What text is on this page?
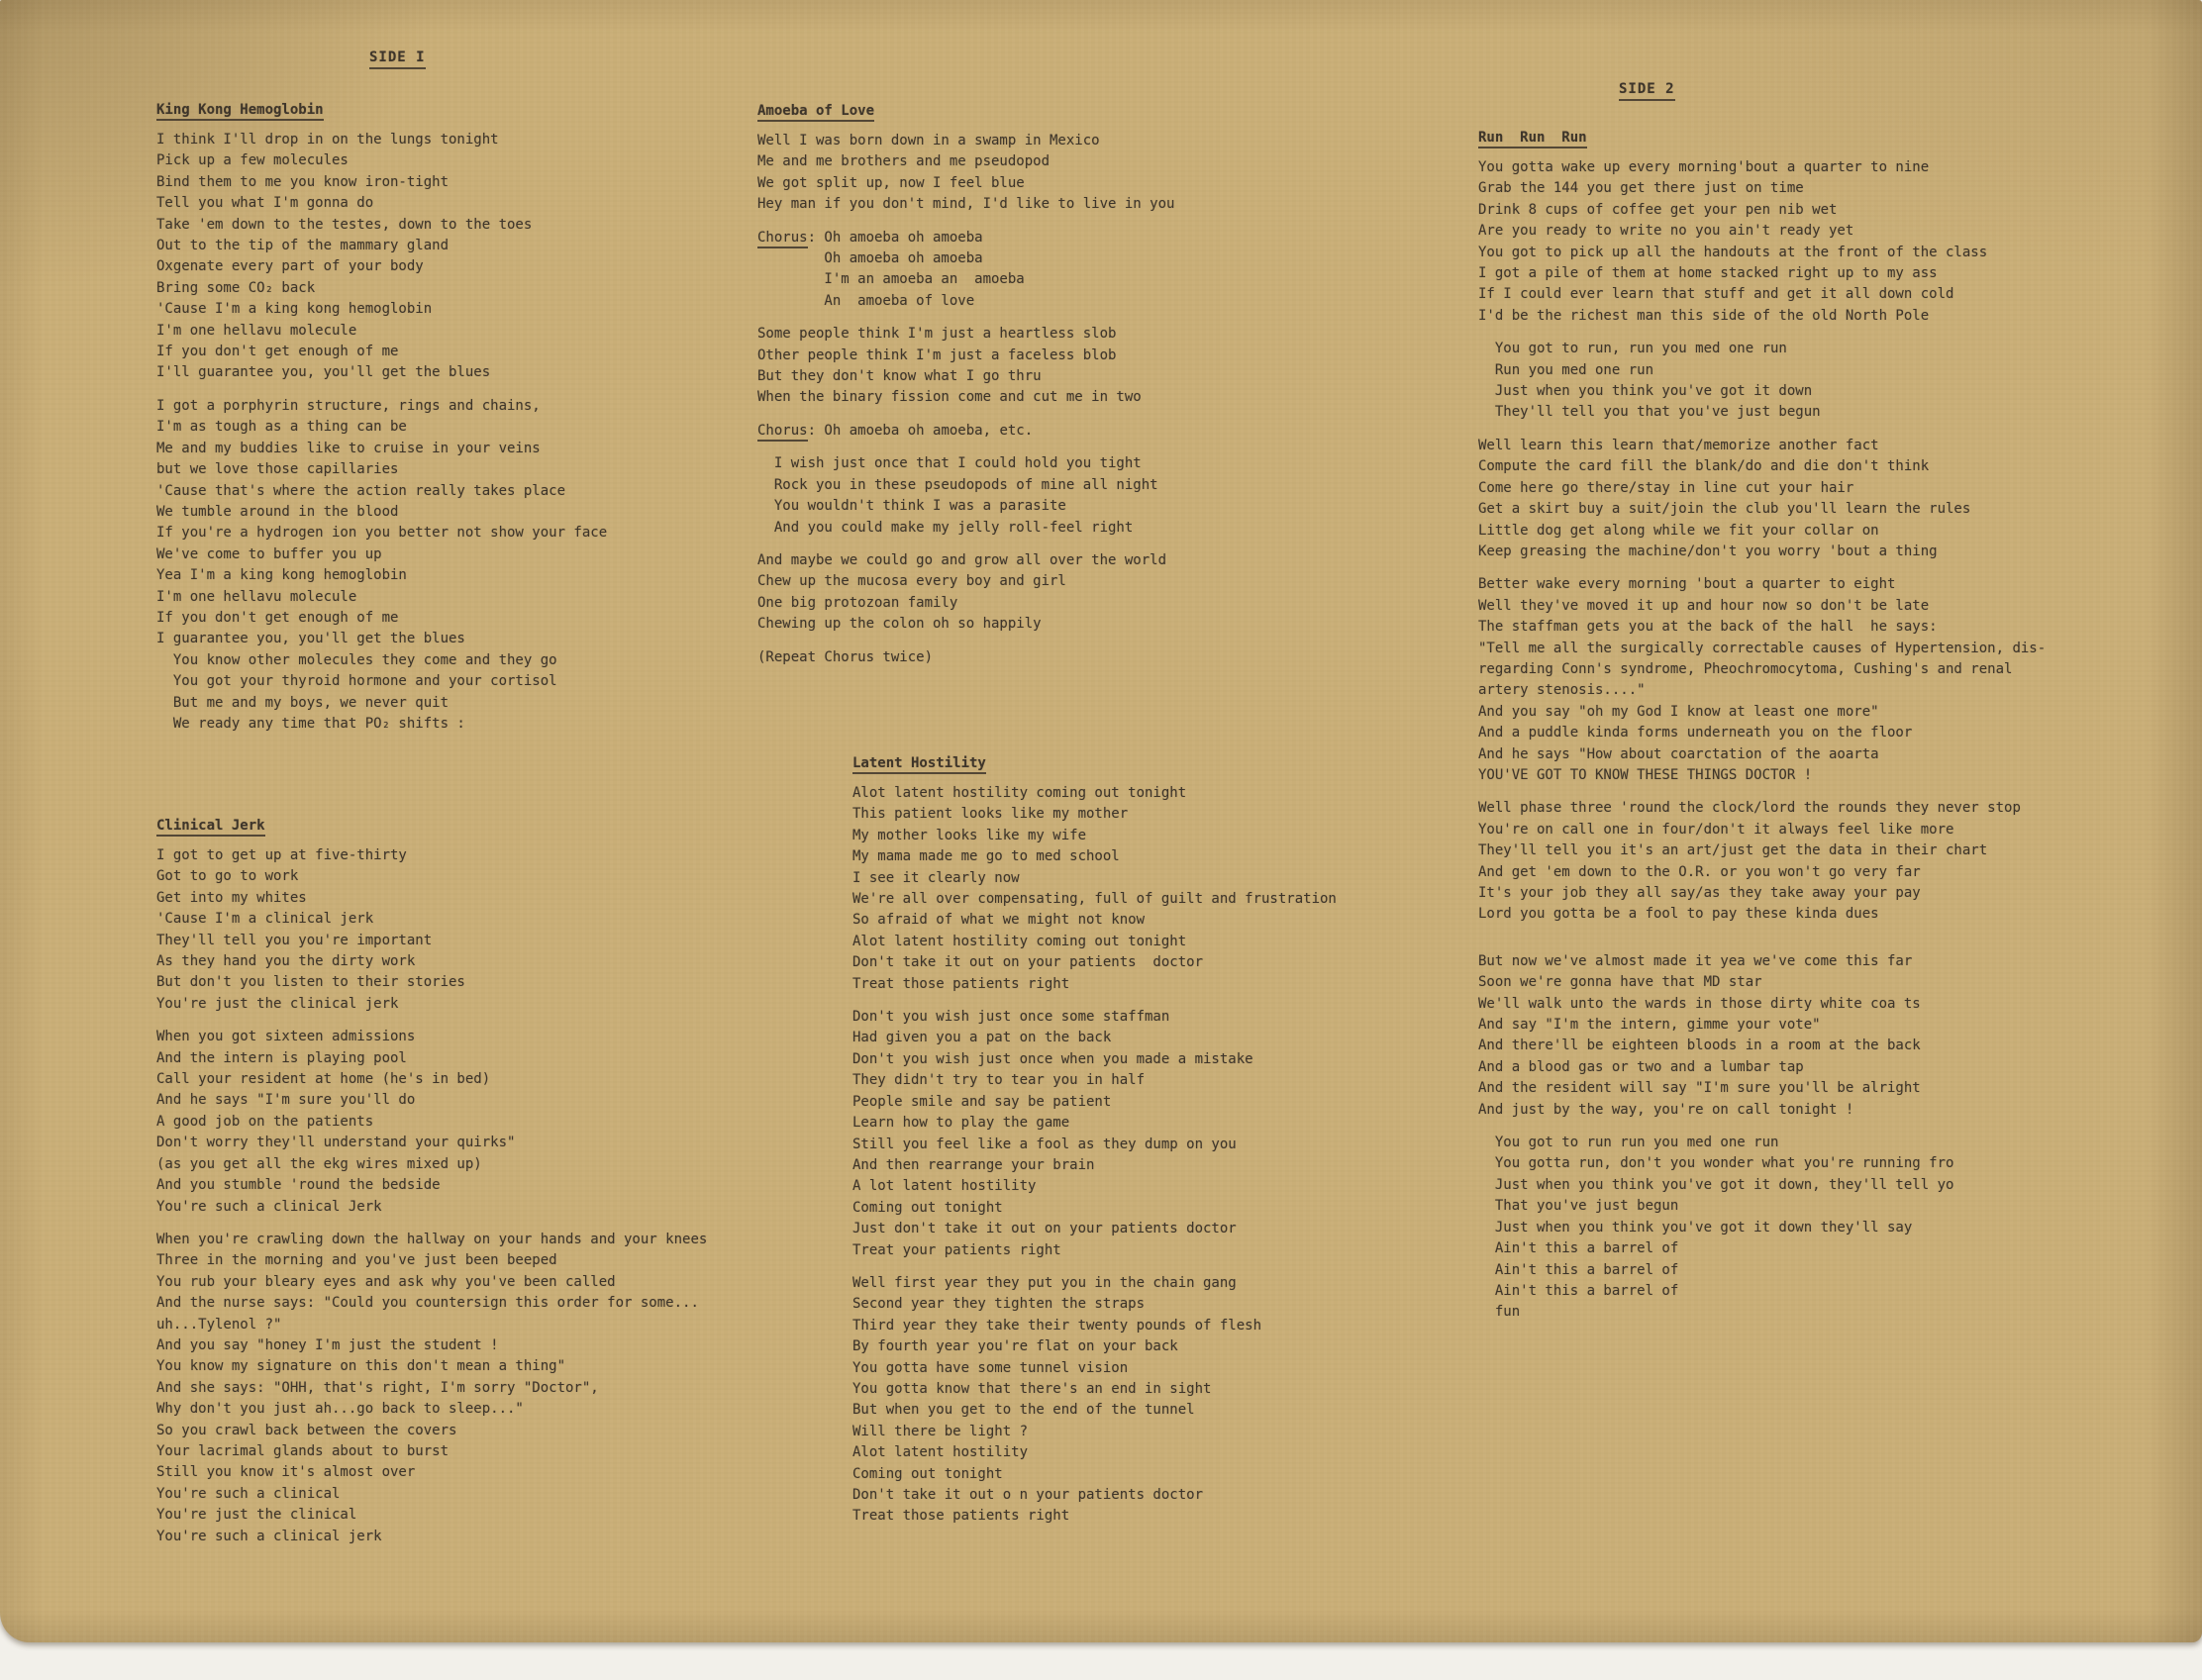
SIDE I
SIDE 2
King Kong Hemoglobin
I think I'll drop in on the lungs tonight
Pick up a few molecules
Bind them to me you know iron-tight
Tell you what I'm gonna do
Take 'em down to the testes, down to the toes
Out to the tip of the mammary gland
Oxgenate every part of your body
Bring some CO₂ back
'Cause I'm a king kong hemoglobin
I'm one hellavu molecule
If you don't get enough of me
I'll guarantee you, you'll get the blues
I got a porphyrin structure, rings and chains,
I'm as tough as a thing can be
Me and my buddies like to cruise in your veins
but we love those capillaries
'Cause that's where the action really takes place
We tumble around in the blood
If you're a hydrogen ion you better not show your face
We've come to buffer you up
Yea I'm a king kong hemoglobin
I'm one hellavu molecule
If you don't get enough of me
I guarantee you, you'll get the blues
You know other molecules they come and they go
You got your thyroid hormone and your cortisol
But me and my boys, we never quit
We ready any time that PO₂ shifts :
Clinical Jerk
I got to get up at five-thirty
Got to go to work
Get into my whites
'Cause I'm a clinical jerk
They'll tell you you're important
As they hand you the dirty work
But don't you listen to their stories
You're just the clinical jerk
When you got sixteen admissions
And the intern is playing pool
Call your resident at home (he's in bed)
And he says "I'm sure you'll do
A good job on the patients
Don't worry they'll understand your quirks"
(as you get all the ekg wires mixed up)
And you stumble 'round the bedside
You're such a clinical Jerk
When you're crawling down the hallway on your hands and your knees
Three in the morning and you've just been beeped
You rub your bleary eyes and ask why you've been called
And the nurse says: "Could you countersign this order for some...
uh...Tylenol ?"
And you say "honey I'm just the student !
You know my signature on this don't mean a thing"
And she says: "OHH, that's right, I'm sorry "Doctor",
Why don't you just ah...go back to sleep..."
So you crawl back between the covers
Your lacrimal glands about to burst
Still you know it's almost over
You're such a clinical
You're just the clinical
You're such a clinical jerk
Amoeba of Love
Well I was born down in a swamp in Mexico
Me and me brothers and me pseudopod
We got split up, now I feel blue
Hey man if you don't mind, I'd like to live in you
Chorus: Oh amoeba oh amoeba
Oh amoeba oh amoeba
I'm an amoeba an  amoeba
An  amoeba of love
Some people think I'm just a heartless slob
Other people think I'm just a faceless blob
But they don't know what I go thru
When the binary fission come and cut me in two
Chorus: Oh amoeba oh amoeba, etc.
I wish just once that I could hold you tight
Rock you in these pseudopods of mine all night
You wouldn't think I was a parasite
And you could make my jelly roll-feel right
And maybe we could go and grow all over the world
Chew up the mucosa every boy and girl
One big protozoan family
Chewing up the colon oh so happily
(Repeat Chorus twice)
Latent Hostility
Alot latent hostility coming out tonight
This patient looks like my mother
My mother looks like my wife
My mama made me go to med school
I see it clearly now
We're all over compensating, full of guilt and frustration
So afraid of what we might not know
Alot latent hostility coming out tonight
Don't take it out on your patients  doctor
Treat those patients right
Don't you wish just once some staffman
Had given you a pat on the back
Don't you wish just once when you made a mistake
They didn't try to tear you in half
People smile and say be patient
Learn how to play the game
Still you feel like a fool as they dump on you
And then rearrange your brain
A lot latent hostility
Coming out tonight
Just don't take it out on your patients doctor
Treat your patients right
Well first year they put you in the chain gang
Second year they tighten the straps
Third year they take their twenty pounds of flesh
By fourth year you're flat on your back
You gotta have some tunnel vision
You gotta know that there's an end in sight
But when you get to the end of the tunnel
Will there be light ?
Alot latent hostility
Coming out tonight
Don't take it out o n your patients doctor
Treat those patients right
Run  Run  Run
You gotta wake up every morning'bout a quarter to nine
Grab the 144 you get there just on time
Drink 8 cups of coffee get your pen nib wet
Are you ready to write no you ain't ready yet
You got to pick up all the handouts at the front of the class
I got a pile of them at home stacked right up to my ass
If I could ever learn that stuff and get it all down cold
I'd be the richest man this side of the old North Pole
You got to run, run you med one run
Run you med one run
Just when you think you've got it down
They'll tell you that you've just begun
Well learn this learn that/memorize another fact
Compute the card fill the blank/do and die don't think
Come here go there/stay in line cut your hair
Get a skirt buy a suit/join the club you'll learn the rules
Little dog get along while we fit your collar on
Keep greasing the machine/don't you worry 'bout a thing
Better wake every morning 'bout a quarter to eight
Well they've moved it up and hour now so don't be late
The staffman gets you at the back of the hall  he says:
"Tell me all the surgically correctable causes of Hypertension, dis-
regarding Conn's syndrome, Pheochromocytoma, Cushing's and renal
artery stenosis...."
And you say "oh my God I know at least one more"
And a puddle kinda forms underneath you on the floor
And he says "How about coarctation of the aoarta
YOU'VE GOT TO KNOW THESE THINGS DOCTOR !
Well phase three 'round the clock/lord the rounds they never stop
You're on call one in four/don't it always feel like more
They'll tell you it's an art/just get the data in their chart
And get 'em down to the O.R. or you won't go very far
It's your job they all say/as they take away your pay
Lord you gotta be a fool to pay these kinda dues
But now we've almost made it yea we've come this far
Soon we're gonna have that MD star
We'll walk unto the wards in those dirty white coa ts
And say "I'm the intern, gimme your vote"
And there'll be eighteen bloods in a room at the back
And a blood gas or two and a lumbar tap
And the resident will say "I'm sure you'll be alright
And just by the way, you're on call tonight !
You got to run run you med one run
You gotta run, don't you wonder what you're running fro
Just when you think you've got it down, they'll tell yo
That you've just begun
Just when you think you've got it down they'll say
Ain't this a barrel of
Ain't this a barrel of
Ain't this a barrel of
fun
